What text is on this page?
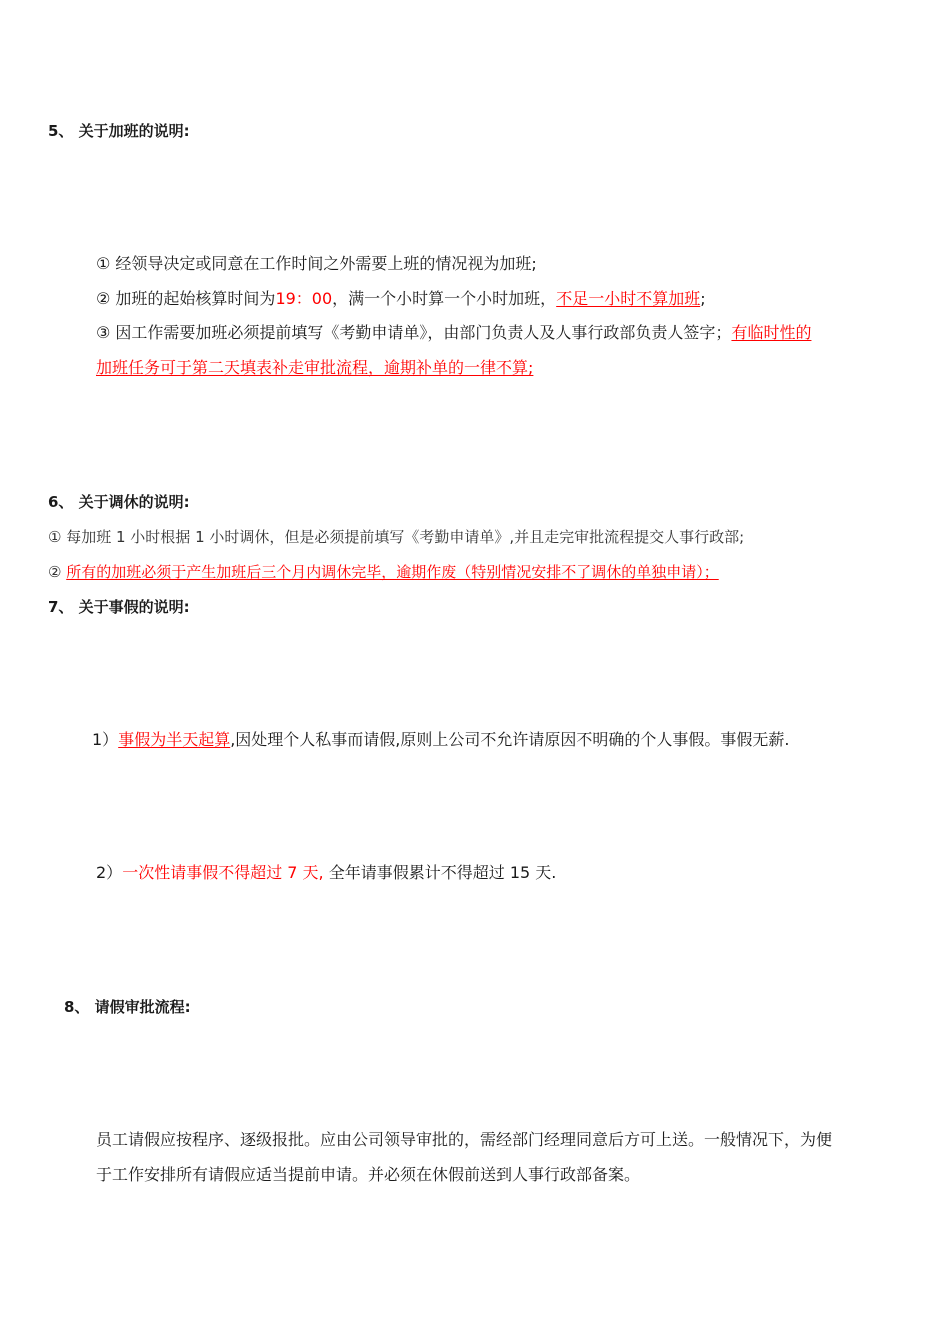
5、 关于加班的说明:
① 经领导决定或同意在工作时间之外需要上班的情况视为加班;
② 加班的起始核算时间为19：00，满一个小时算一个小时加班，不足一小时不算加班;
③ 因工作需要加班必须提前填写《考勤申请单》，由部门负责人及人事行政部负责人签字；有临时性的
加班任务可于第二天填表补走审批流程，逾期补单的一律不算;
6、 关于调休的说明:
① 每加班 1 小时根据 1 小时调休，但是必须提前填写《考勤申请单》,并且走完审批流程提交人事行政部;
② 所有的加班必须于产生加班后三个月内调休完毕，逾期作废（特别情况安排不了调休的单独申请）；
7、 关于事假的说明:
1）事假为半天起算,因处理个人私事而请假,原则上公司不允许请原因不明确的个人事假。事假无薪.
2）一次性请事假不得超过 7 天, 全年请事假累计不得超过 15 天.
8、 请假审批流程:
员工请假应按程序、逐级报批。应由公司领导审批的，需经部门经理同意后方可上送。一般情况下，为便
于工作安排所有请假应适当提前申请。并必须在休假前送到人事行政部备案。
